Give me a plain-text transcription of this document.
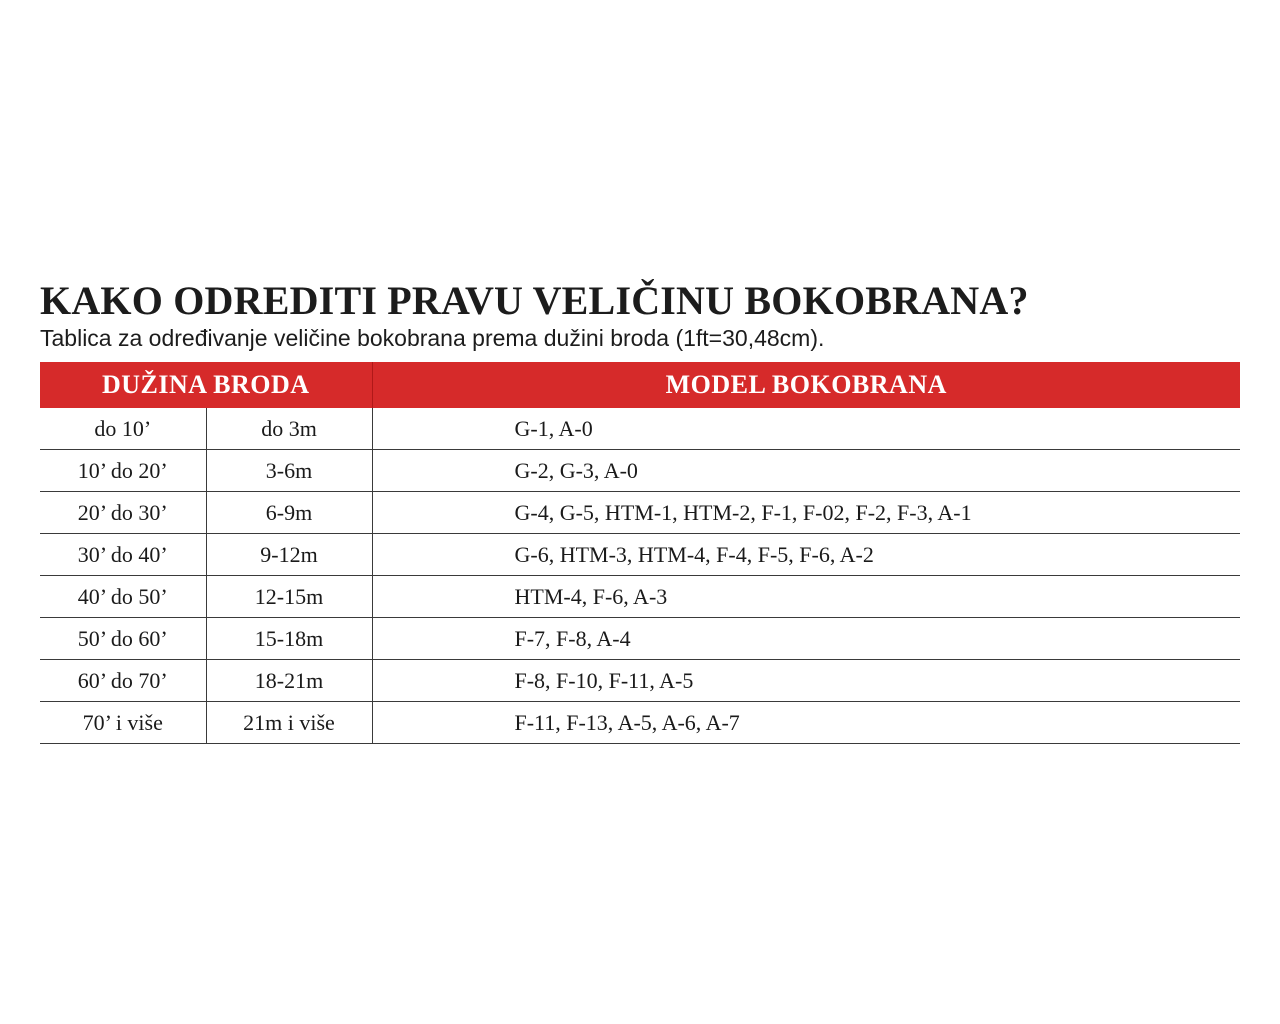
KAKO ODREDITI PRAVU VELIČINU BOKOBRANA?

Tablica za određivanje veličine bokobrana prema dužini broda (1ft=30,48cm).

DUŽINA BRODA		MODEL BOKOBRANA
do 10’	do 3m	G-1, A-0
10’ do 20’	3-6m	G-2, G-3, A-0
20’ do 30’	6-9m	G-4, G-5, HTM-1, HTM-2, F-1, F-02, F-2, F-3, A-1
30’ do 40’	9-12m	G-6, HTM-3, HTM-4, F-4, F-5, F-6, A-2
40’ do 50’	12-15m	HTM-4, F-6, A-3
50’ do 60’	15-18m	F-7, F-8, A-4
60’ do 70’	18-21m	F-8, F-10, F-11, A-5
70’ i više	21m i više	F-11, F-13, A-5, A-6, A-7
